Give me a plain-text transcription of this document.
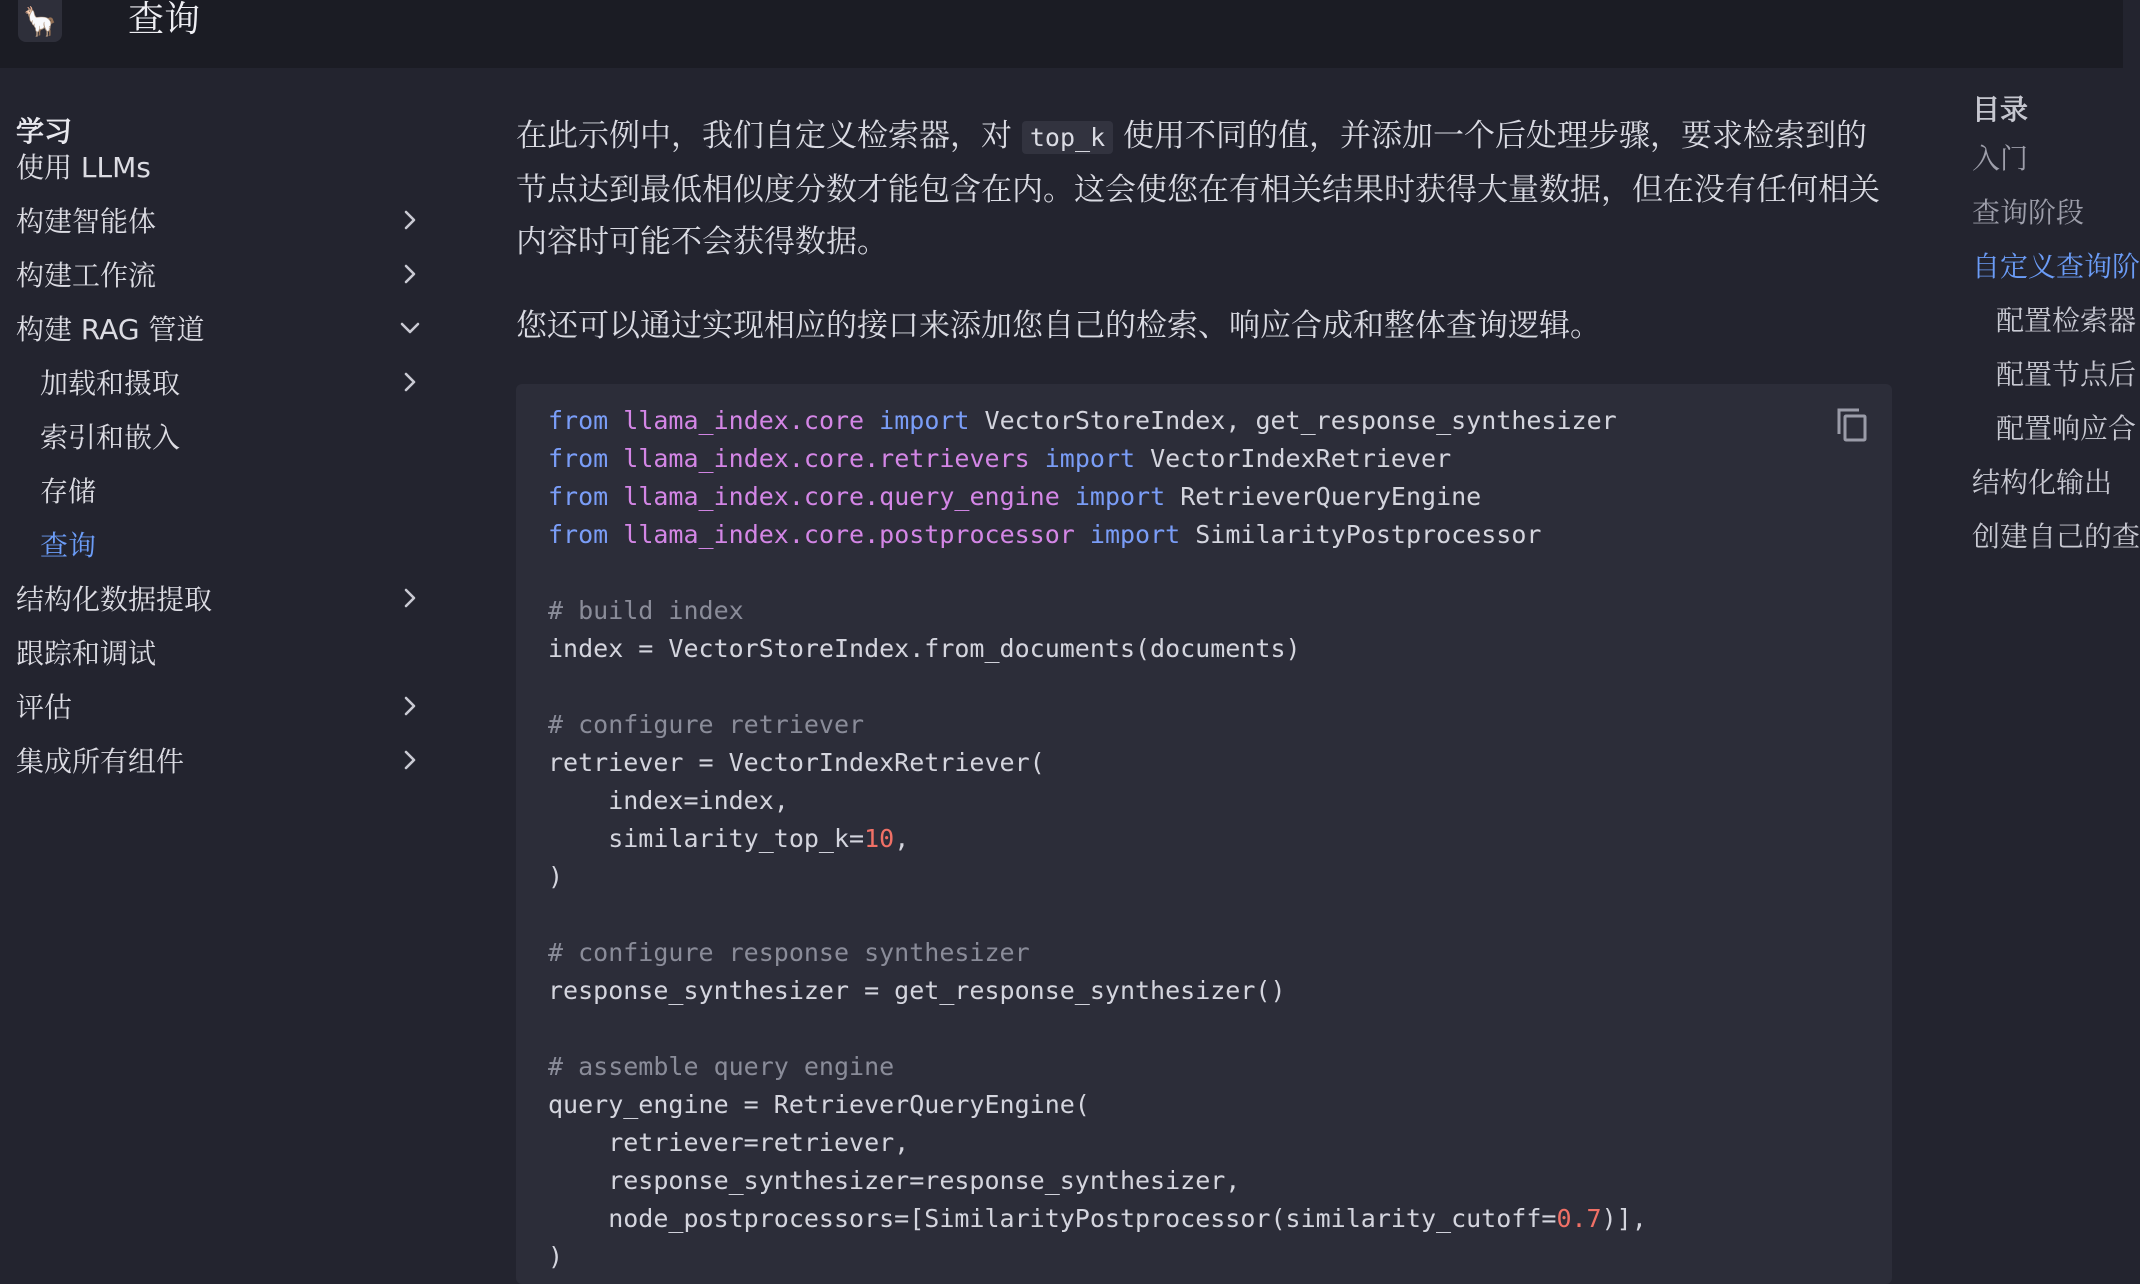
🦙 查询
学习
使用 LLMs
构建智能体
构建工作流
构建 RAG 管道
加载和摄取
索引和嵌入
存储
查询
结构化数据提取
跟踪和调试
评估
集成所有组件

在此示例中，我们自定义检索器，对 top_k 使用不同的值，并添加一个后处理步骤，要求检索到的节点达到最低相似度分数才能包含在内。这会使您在有相关结果时获得大量数据，但在没有任何相关内容时可能不会获得数据。

您还可以通过实现相应的接口来添加您自己的检索、响应合成和整体查询逻辑。

from llama_index.core import VectorStoreIndex, get_response_synthesizer
from llama_index.core.retrievers import VectorIndexRetriever
from llama_index.core.query_engine import RetrieverQueryEngine
from llama_index.core.postprocessor import SimilarityPostprocessor

# build index
index = VectorStoreIndex.from_documents(documents)

# configure retriever
retriever = VectorIndexRetriever(
index=index,
similarity_top_k=10,
)

# configure response synthesizer
response_synthesizer = get_response_synthesizer()

# assemble query engine
query_engine = RetrieverQueryEngine(
retriever=retriever,
response_synthesizer=response_synthesizer,
node_postprocessors=[SimilarityPostprocessor(similarity_cutoff=0.7)],
)
目录
入门
查询阶段
自定义查询阶
配置检索器
配置节点后
配置响应合
结构化输出
创建自己的查
